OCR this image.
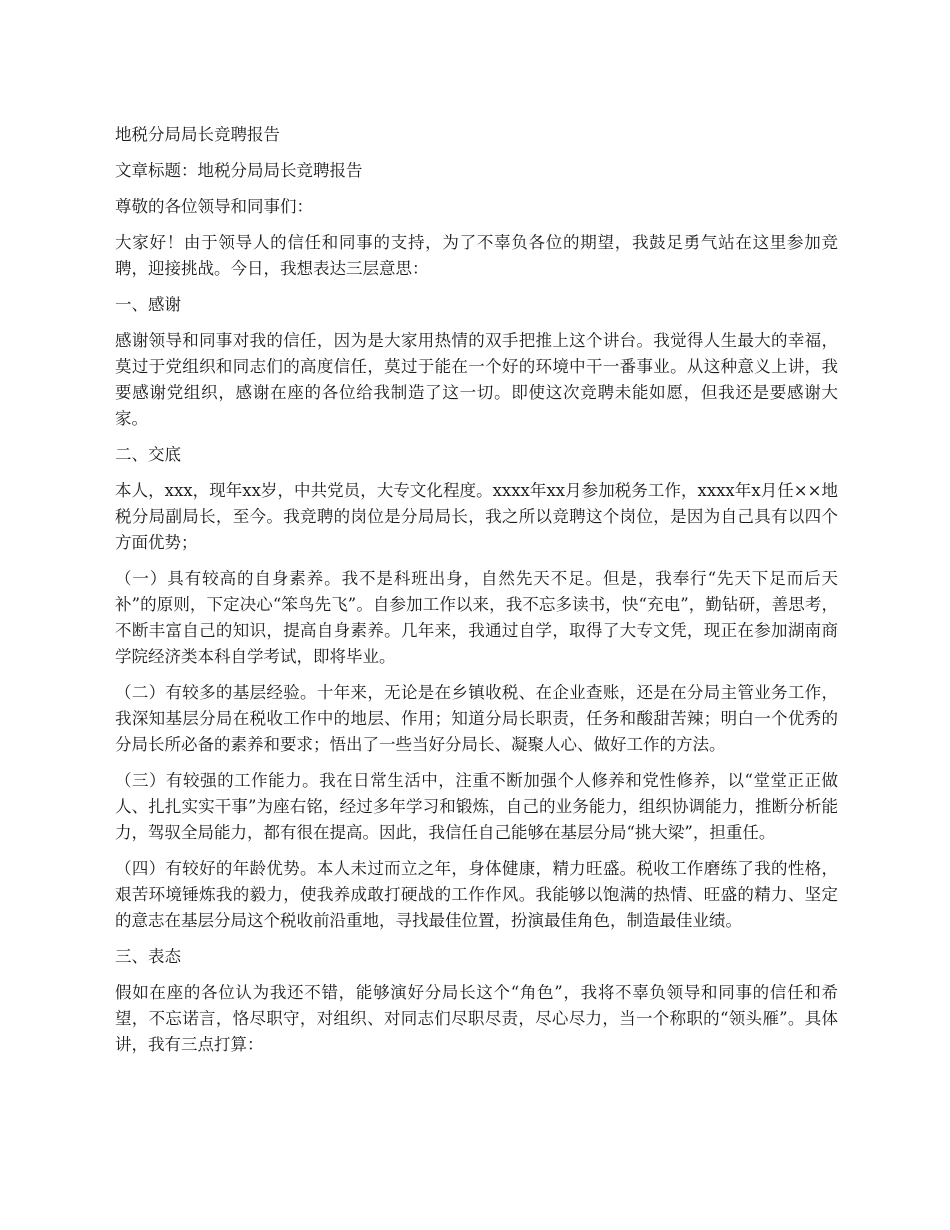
地税分局局长竞聘报告

文章标题：地税分局局长竞聘报告

尊敬的各位领导和同事们：

大家好！由于领导人的信任和同事的支持，为了不辜负各位的期望，我鼓足勇气站在这里参加竞聘，迎接挑战。今日，我想表达三层意思：

一、感谢

感谢领导和同事对我的信任，因为是大家用热情的双手把推上这个讲台。我觉得人生最大的幸福，莫过于党组织和同志们的高度信任，莫过于能在一个好的环境中干一番事业。从这种意义上讲，我要感谢党组织，感谢在座的各位给我制造了这一切。即使这次竞聘未能如愿，但我还是要感谢大家。

二、交底

本人，xxx，现年xx岁，中共党员，大专文化程度。xxxx年xx月参加税务工作，xxxx年x月任××地税分局副局长，至今。我竞聘的岗位是分局局长，我之所以竞聘这个岗位，是因为自己具有以四个方面优势；

（一）具有较高的自身素养。我不是科班出身，自然先天不足。但是，我奉行“先天下足而后天补”的原则，下定决心“笨鸟先飞”。自参加工作以来，我不忘多读书，快“充电”，勤钻研，善思考，不断丰富自己的知识，提高自身素养。几年来，我通过自学，取得了大专文凭，现正在参加湖南商学院经济类本科自学考试，即将毕业。

（二）有较多的基层经验。十年来，无论是在乡镇收税、在企业查账，还是在分局主管业务工作，我深知基层分局在税收工作中的地层、作用；知道分局长职责，任务和酸甜苦辣；明白一个优秀的分局长所必备的素养和要求；悟出了一些当好分局长、凝聚人心、做好工作的方法。

（三）有较强的工作能力。我在日常生活中，注重不断加强个人修养和党性修养，以“堂堂正正做人、扎扎实实干事”为座右铭，经过多年学习和锻炼，自己的业务能力，组织协调能力，推断分析能力，驾驭全局能力，都有很在提高。因此，我信任自己能够在基层分局“挑大梁”，担重任。

（四）有较好的年龄优势。本人未过而立之年，身体健康，精力旺盛。税收工作磨练了我的性格，艰苦环境锤炼我的毅力，使我养成敢打硬战的工作作风。我能够以饱满的热情、旺盛的精力、坚定的意志在基层分局这个税收前沿重地，寻找最佳位置，扮演最佳角色，制造最佳业绩。

三、表态

假如在座的各位认为我还不错，能够演好分局长这个“角色”，我将不辜负领导和同事的信任和希望，不忘诺言，恪尽职守，对组织、对同志们尽职尽责，尽心尽力，当一个称职的“领头雁”。具体讲，我有三点打算：
